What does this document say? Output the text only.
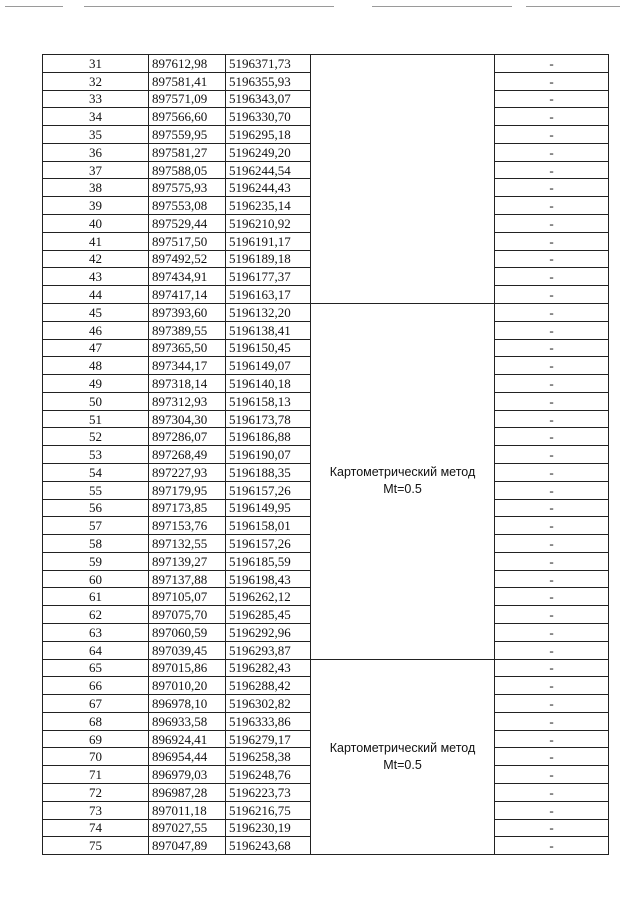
31	897612,98	5196371,73		-
32	897581,41	5196355,93		-
33	897571,09	5196343,07		-
34	897566,60	5196330,70		-
35	897559,95	5196295,18		-
36	897581,27	5196249,20		-
37	897588,05	5196244,54		-
38	897575,93	5196244,43		-
39	897553,08	5196235,14		-
40	897529,44	5196210,92		-
41	897517,50	5196191,17		-
42	897492,52	5196189,18		-
43	897434,91	5196177,37		-
44	897417,14	5196163,17		-
45	897393,60	5196132,20	Картометрический метод Mt=0.5	-
46	897389,55	5196138,41		-
47	897365,50	5196150,45		-
48	897344,17	5196149,07		-
49	897318,14	5196140,18		-
50	897312,93	5196158,13		-
51	897304,30	5196173,78		-
52	897286,07	5196186,88		-
53	897268,49	5196190,07		-
54	897227,93	5196188,35		-
55	897179,95	5196157,26		-
56	897173,85	5196149,95		-
57	897153,76	5196158,01		-
58	897132,55	5196157,26		-
59	897139,27	5196185,59		-
60	897137,88	5196198,43		-
61	897105,07	5196262,12		-
62	897075,70	5196285,45		-
63	897060,59	5196292,96		-
64	897039,45	5196293,87		-
65	897015,86	5196282,43	Картометрический метод Mt=0.5	-
66	897010,20	5196288,42		-
67	896978,10	5196302,82		-
68	896933,58	5196333,86		-
69	896924,41	5196279,17		-
70	896954,44	5196258,38		-
71	896979,03	5196248,76		-
72	896987,28	5196223,73		-
73	897011,18	5196216,75		-
74	897027,55	5196230,19		-
75	897047,89	5196243,68		-
